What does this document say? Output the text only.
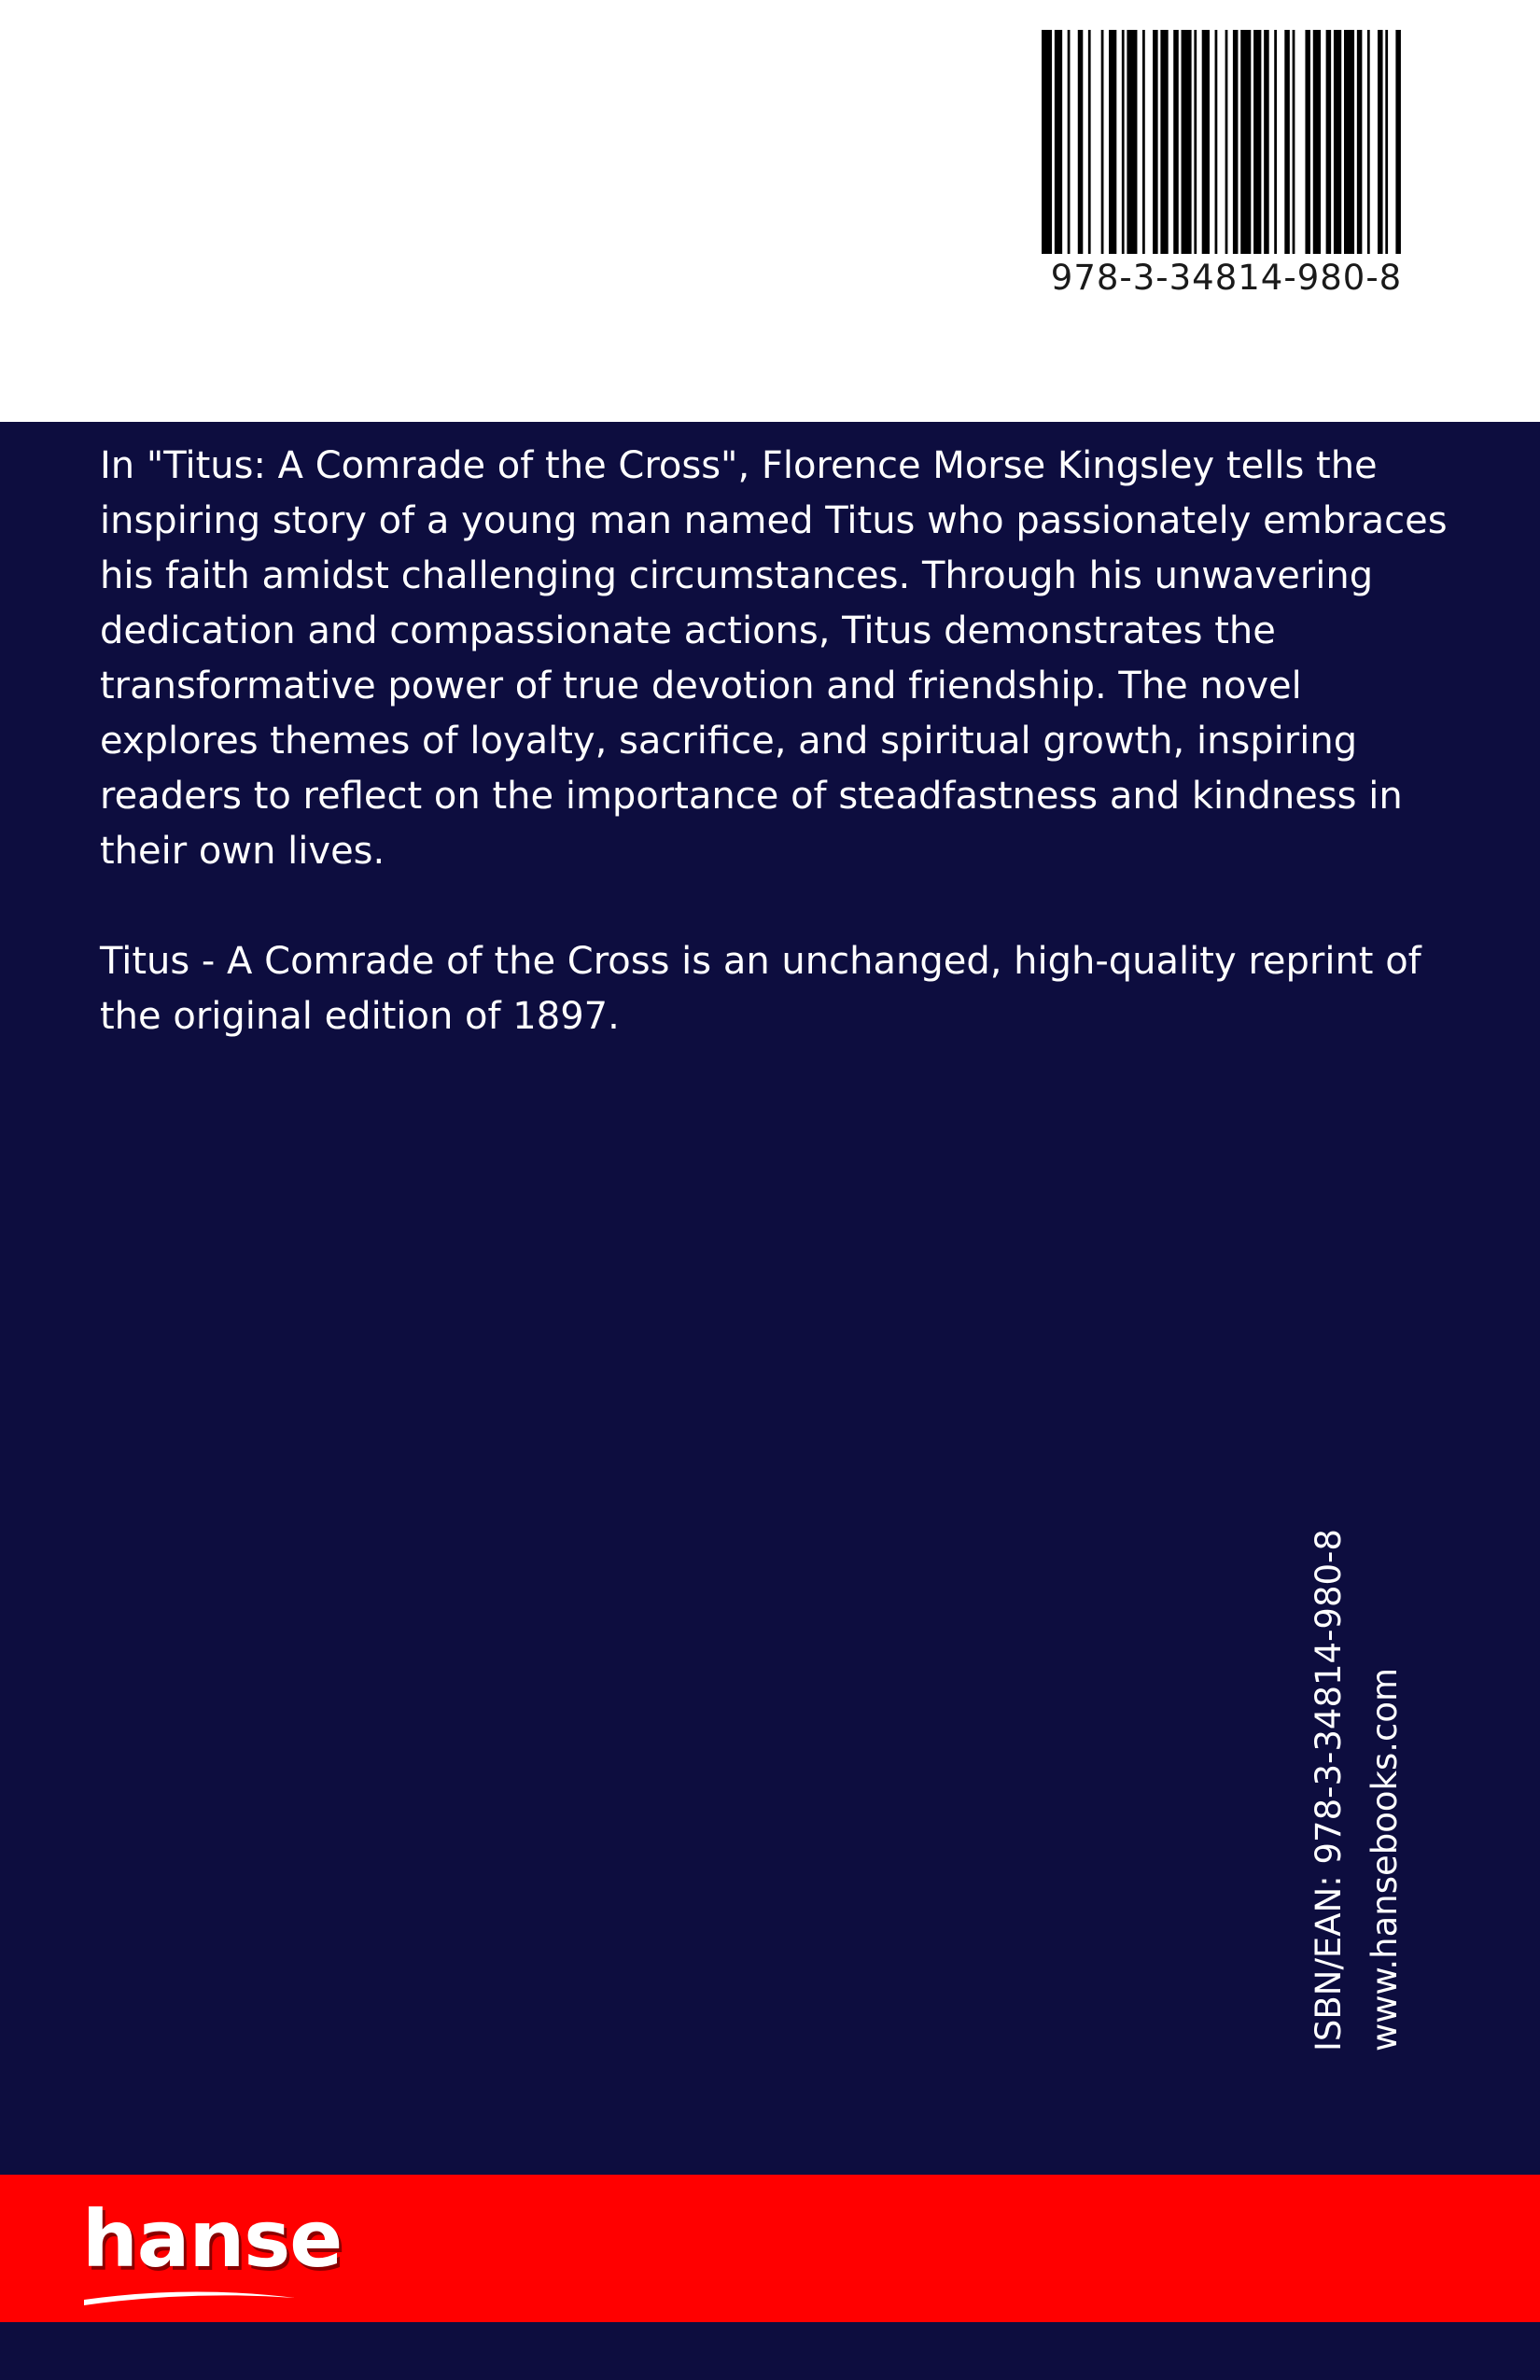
978-3-34814-980-8

In "Titus: A Comrade of the Cross", Florence Morse Kingsley tells the inspiring story of a young man named Titus who passionately embraces his faith amidst challenging circumstances. Through his unwavering dedication and compassionate actions, Titus demonstrates the transformative power of true devotion and friendship. The novel explores themes of loyalty, sacrifice, and spiritual growth, inspiring readers to reflect on the importance of steadfastness and kindness in their own lives.

Titus - A Comrade of the Cross is an unchanged, high-quality reprint of the original edition of 1897.

ISBN/EAN: 978-3-34814-980-8 www.hansebooks.com
hanse
